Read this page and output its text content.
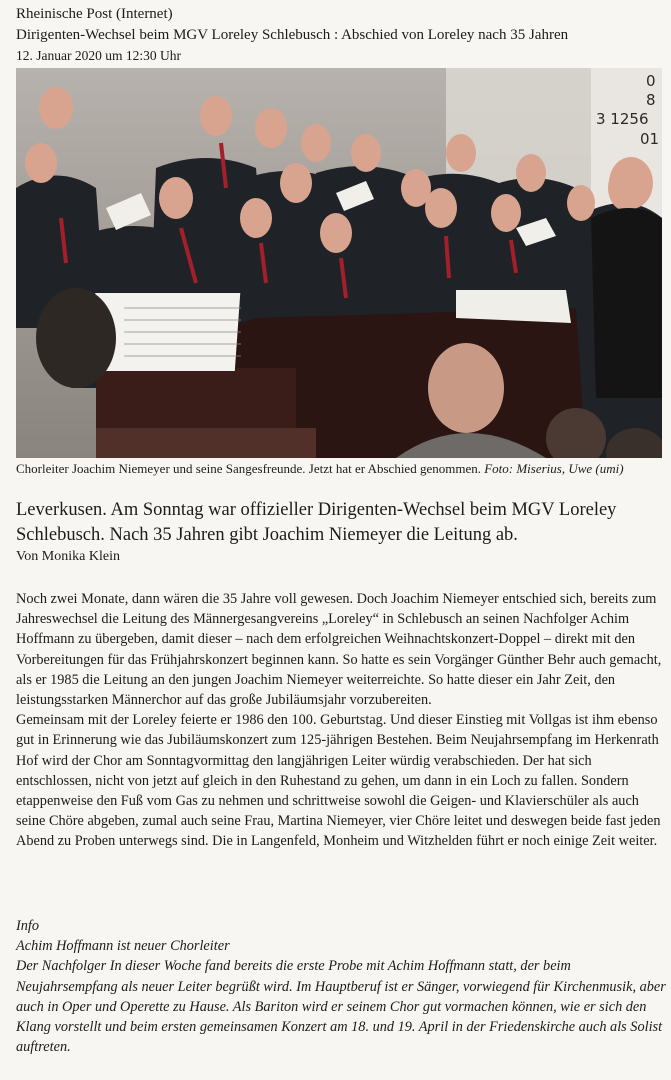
Rheinische Post (Internet)
Dirigenten-Wechsel beim MGV Loreley Schlebusch : Abschied von Loreley nach 35 Jahren
12. Januar 2020 um 12:30 Uhr
0
8
3 1256
01
Chorleiter Joachim Niemeyer und seine Sangesfreunde. Jetzt hat er Abschied genommen. Foto: Miserius, Uwe (umi)
Leverkusen. Am Sonntag war offizieller Dirigenten-Wechsel beim MGV Loreley Schlebusch. Nach 35 Jahren gibt Joachim Niemeyer die Leitung ab.
Von Monika Klein

Noch zwei Monate, dann wären die 35 Jahre voll gewesen. Doch Joachim Niemeyer entschied sich, bereits zum Jahreswechsel die Leitung des Männergesangvereins „Loreley“ in Schlebusch an seinen Nachfolger Achim Hoffmann zu übergeben, damit dieser – nach dem erfolgreichen Weihnachtskonzert-Doppel – direkt mit den Vorbereitungen für das Frühjahrskonzert beginnen kann. So hatte es sein Vorgänger Günther Behr auch gemacht, als er 1985 die Leitung an den jungen Joachim Niemeyer weiterreichte. So hatte dieser ein Jahr Zeit, den leistungsstarken Männerchor auf das große Jubiläumsjahr vorzubereiten.

Gemeinsam mit der Loreley feierte er 1986 den 100. Geburtstag. Und dieser Einstieg mit Vollgas ist ihm ebenso gut in Erinnerung wie das Jubiläumskonzert zum 125-jährigen Bestehen. Beim Neujahrsempfang im Herkenrath Hof wird der Chor am Sonntagvormittag den langjährigen Leiter würdig verabschieden. Der hat sich entschlossen, nicht von jetzt auf gleich in den Ruhestand zu gehen, um dann in ein Loch zu fallen. Sondern etappenweise den Fuß vom Gas zu nehmen und schrittweise sowohl die Geigen- und Klavierschüler als auch seine Chöre abgeben, zumal auch seine Frau, Martina Niemeyer, vier Chöre leitet und deswegen beide fast jeden Abend zu Proben unterwegs sind. Die in Langenfeld, Monheim und Witzhelden führt er noch einige Zeit weiter.

Info

Achim Hoffmann ist neuer Chorleiter

Der Nachfolger In dieser Woche fand bereits die erste Probe mit Achim Hoffmann statt, der beim Neujahrsempfang als neuer Leiter begrüßt wird. Im Hauptberuf ist er Sänger, vorwiegend für Kirchenmusik, aber auch in Oper und Operette zu Hause. Als Bariton wird er seinem Chor gut vormachen können, wie er sich den Klang vorstellt und beim ersten gemeinsamen Konzert am 18. und 19. April in der Friedenskirche auch als Solist auftreten.
